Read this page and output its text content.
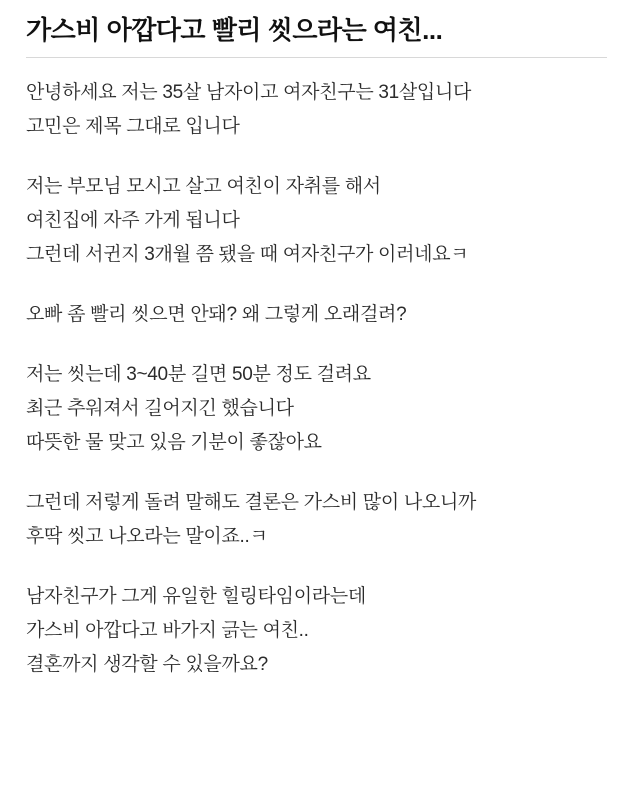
가스비 아깝다고 빨리 씻으라는 여친...
안녕하세요 저는 35살 남자이고 여자친구는 31살입니다
고민은 제목 그대로 입니다
저는 부모님 모시고 살고 여친이 자취를 해서
여친집에 자주 가게 됩니다
그런데 서귄지 3개월 쯤 됐을 때 여자친구가 이러네요ㅋ
오빠 좀 빨리 씻으면 안돼? 왜 그렇게 오래걸려?
저는 씻는데 3~40분 길면 50분 정도 걸려요
최근 추워져서 길어지긴 했습니다
따뜻한 물 맞고 있음 기분이 좋잖아요
그런데 저렇게 돌려 말해도 결론은 가스비 많이 나오니까
후딱 씻고 나오라는 말이죠..ㅋ
남자친구가 그게 유일한 힐링타임이라는데
가스비 아깝다고 바가지 긁는 여친..
결혼까지 생각할 수 있을까요?
